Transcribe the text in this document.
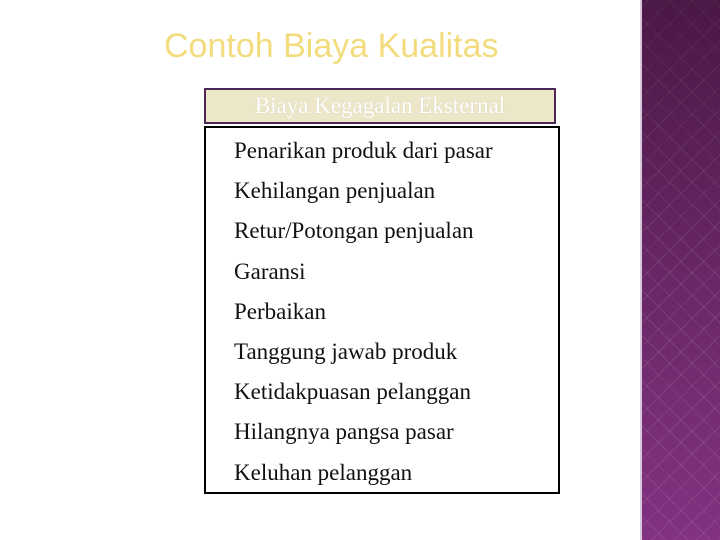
Contoh Biaya Kualitas
Biaya Kegagalan Eksternal
Penarikan produk dari pasar
Kehilangan penjualan
Retur/Potongan penjualan
Garansi
Perbaikan
Tanggung jawab produk
Ketidakpuasan pelanggan
Hilangnya pangsa pasar
Keluhan pelanggan
